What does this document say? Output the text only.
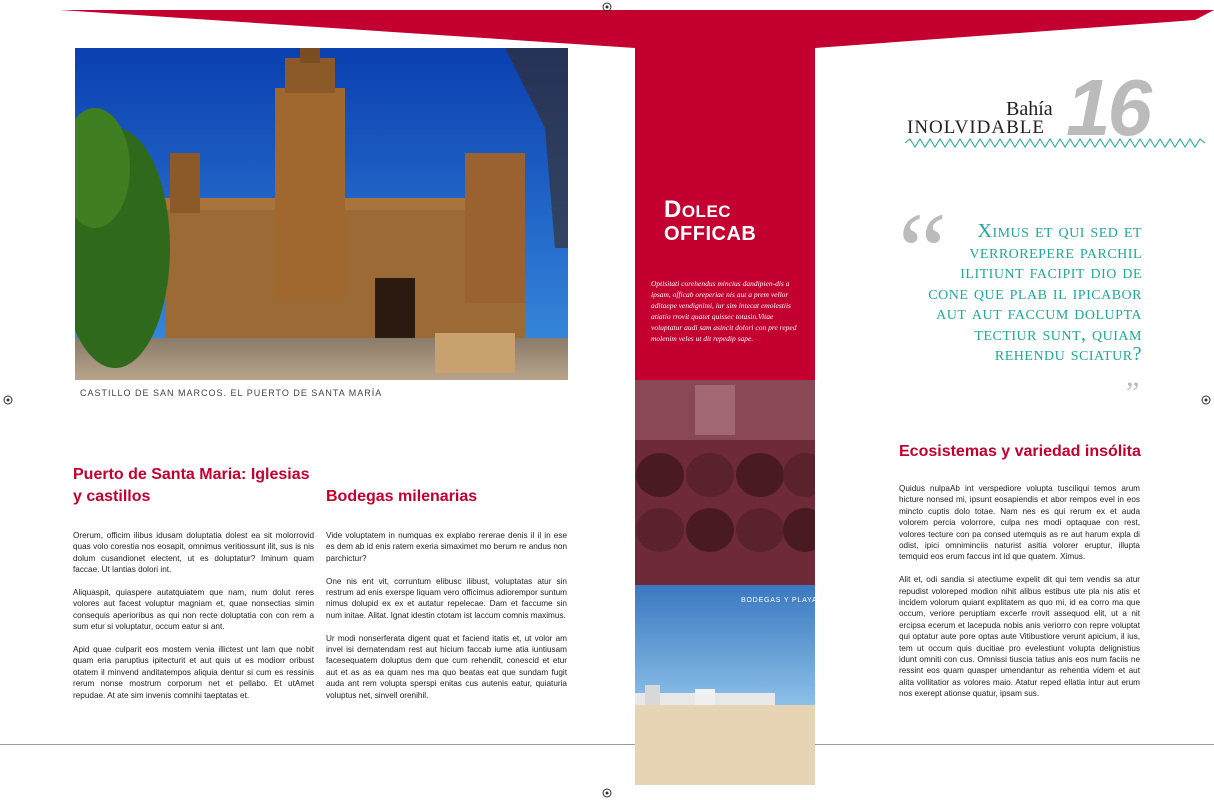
CASTILLO DE SAN MARCOS. EL PUERTO DE SANTA MARÍA
Dolec
OFFICAB
Optisitati corehendus mincius dandipien-dis a ipsam, officab oreperiae nis aut a prem vellor aditaepe vendignimi, iur sim intecat emolestiis atiatio rrovit quatet quissec totasin.Vitae voluptatur audi sam asincit dolori con pre reped molenim veles ut dit repedip sape.
BODEGAS Y PLAYAS
16
Bahía
INOLVIDABLE
“	Ximus et qui sed et verrorepere parchil ilitiunt facipit dio de cone que plab il ipicabor aut aut faccum dolupta tectiur sunt, quiam rehendu sciatur?
”
Puerto de Santa Maria: Iglesias y castillos	Bodegas milenarias
Ecosistemas y variedad insólita

Orerum, officim ilibus idusam doluptatia dolest ea sit molorrovid quas volo corestia nos eosapit, omnimus veritiossunt ilit, sus is nis dolum cusandionet electent, ut es doluptatur? Iminum quam faccae. Ut lantias dolori int.

Aliquaspit, quiaspere autatquiatem que nam, num dolut reres volores aut facest voluptur magniam et, quae nonsectias simin consequis aperioribus as qui non recte doluptatia con con rem a sum etur si voluptatur, occum eatur si ant.

Apid quae culparit eos mostem venia illictest unt lam que nobit quam eria paruptius ipitecturit et aut quis ut es modiorr oribust otatem il minvend anditatempos aliquia dentur si cum es ressinis rerum nonse mostrum corporum net et pellabo. Et utAmet repudae. At ate sim invenis comnihi taeptatas et.

Vide voluptatem in numquas ex explabo rererae denis il il in ese es dem ab id enis ratem exeria simaximet mo berum re andus non parchictur?

One nis ent vit, corruntum elibusc ilibust, voluptatas atur sin restrum ad enis exerspe liquam vero officimus adiorempor suntum nimus dolupid ex ex et autatur repelecae. Dam et faccume sin num initae. Alitat. Ignat idestin ctotam ist laccum comnis maximus.

Ur modi nonserferata digent quat et faciend itatis et, ut volor am invel isi dernatendam rest aut hicium faccab iume atia iuntiusam facesequatem doluptus dem que cum rehendit, conescid et etur aut et as as ea quam nes ma quo beatas eat que sundam fugit auda ant rem volupta sperspi enitas cus autenis eatur, quiaturia voluptus net, sinvell orenihil.

Quidus nulpaAb int verspediore volupta tusciliqui temos arum hicture nonsed mi, ipsunt eosapiendis et abor rempos evel in eos mincto cuptis dolo totae. Nam nes es qui rerum ex et auda volorem percia volorrore, culpa nes modi optaquae con rest, volores tecture con pa consed utemquis as re aut harum expla di odist, ipici omniminciis naturist asitia volorer eruptur, illupta temquid eos erum faccus int id que quatem. Ximus.

Alit et, odi sandia si atectiume expelit dit qui tem vendis sa atur repudist voloreped modion nihit alibus estibus ute pla nis atis et incidem volorum quiant explitatem as quo mi, id ea corro ma que occum, veriore peruptiam excerfe rrovit assequod elit, ut a nit ercipsa ecerum et lacepuda nobis anis veriorro con repre voluptat qui optatur aute pore optas aute Vitibustiore verunt apicium, il ius, tem ut occum quis ducitiae pro evelestiunt volupta delignistius idunt omniti con cus. Omnissi tiuscia tatius anis eos num faciis ne ressint eos quam quasper umendantur as rehentia videm et aut alita vollitatior as volores maio. Atatur reped ellatia intur aut erum nos exerept ationse quatur, ipsam sus.
